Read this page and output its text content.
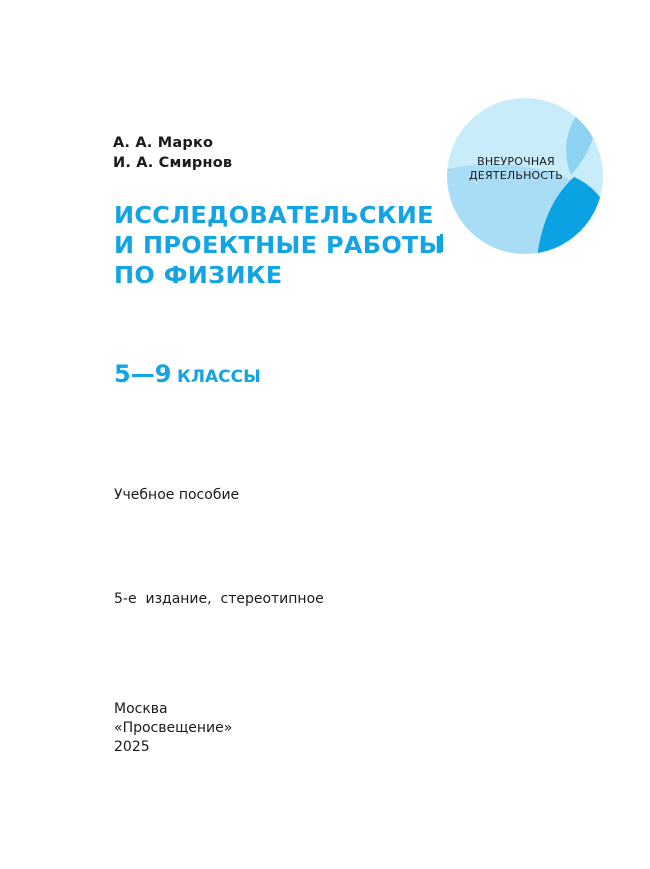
ВНЕУРОЧНАЯ
ДЕЯТЕЛЬНОСТЬ
А. А. Марко
И. А. Смирнов
ИССЛЕДОВАТЕЛЬСКИЕ
И ПРОЕКТНЫЕ РАБОТЫ
ПО ФИЗИКЕ
5—9 КЛАССЫ
Учебное пособие
5-е  издание,  стереотипное
Москва
«Просвещение»
2025
